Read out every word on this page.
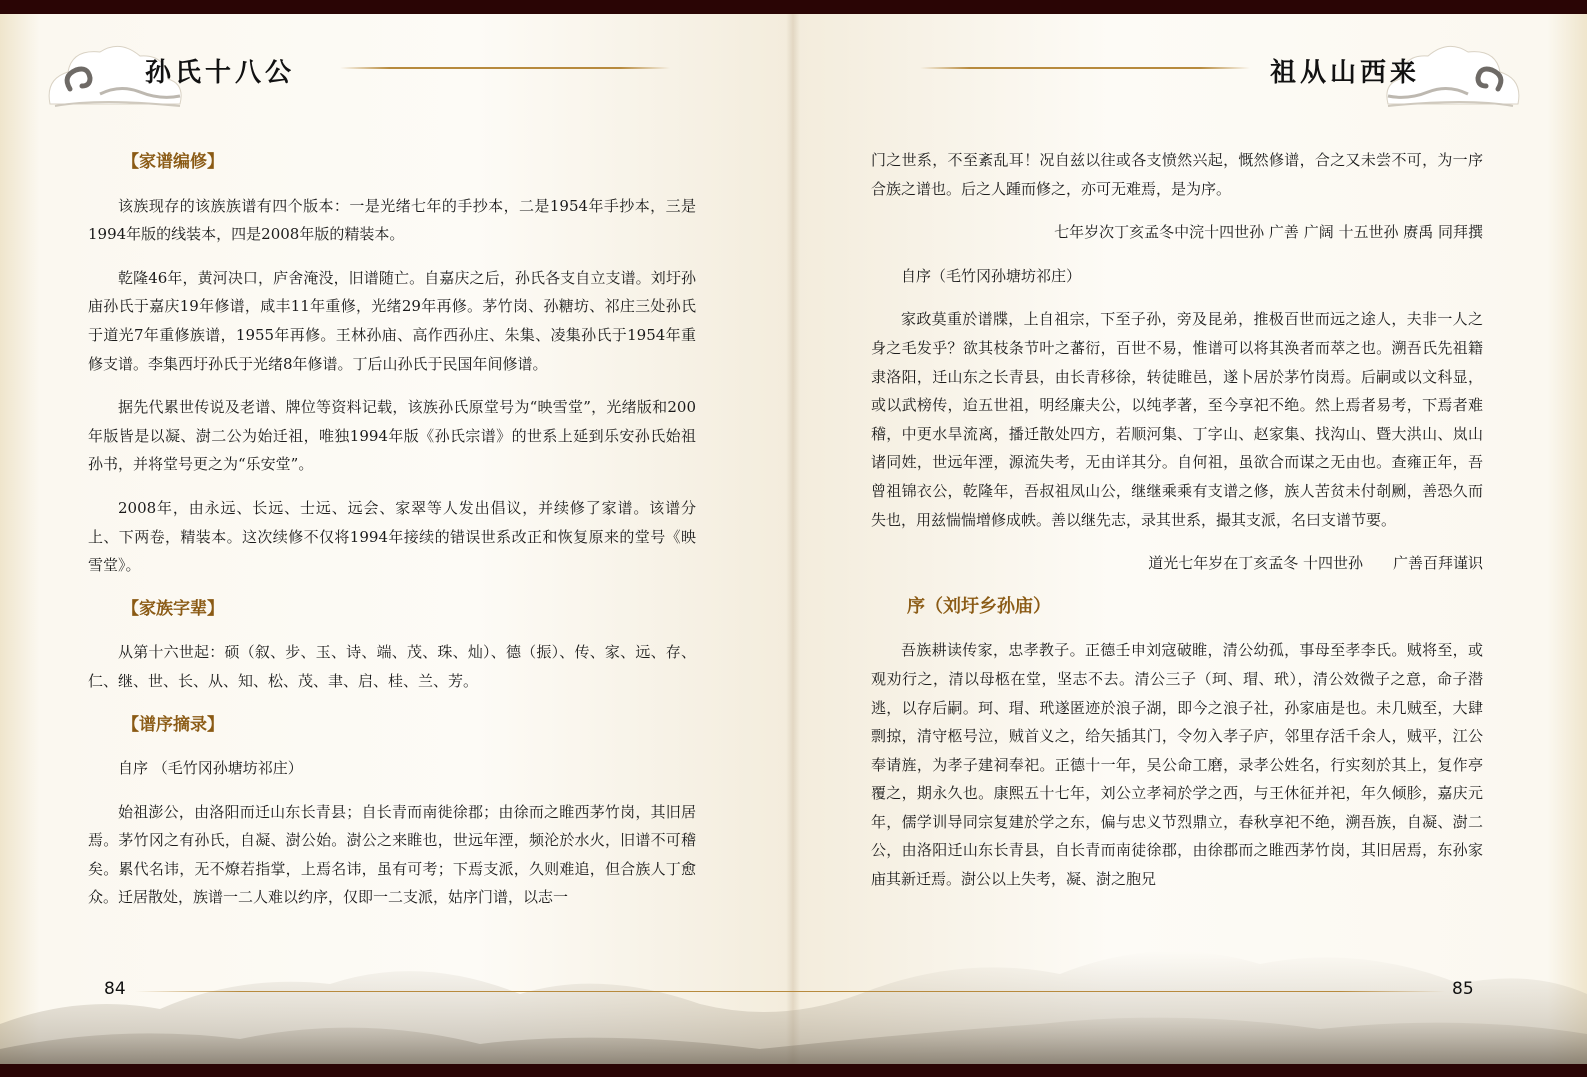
孙氏十八公	祖从山西来

【家谱编修】

该族现存的该族族谱有四个版本：一是光绪七年的手抄本，二是1954年手抄本，三是1994年版的线装本，四是2008年版的精装本。

乾隆46年，黄河决口，庐舍淹没，旧谱随亡。自嘉庆之后，孙氏各支自立支谱。刘圩孙庙孙氏于嘉庆19年修谱，咸丰11年重修，光绪29年再修。茅竹岗、孙糖坊、祁庄三处孙氏于道光7年重修族谱，1955年再修。王林孙庙、高作西孙庄、朱集、凌集孙氏于1954年重修支谱。李集西圩孙氏于光绪8年修谱。丁后山孙氏于民国年间修谱。

据先代累世传说及老谱、牌位等资料记载，该族孙氏原堂号为“映雪堂”，光绪版和200年版皆是以凝、澍二公为始迁祖，唯独1994年版《孙氏宗谱》的世系上延到乐安孙氏始祖孙书，并将堂号更之为“乐安堂”。

2008年，由永远、长远、士远、远会、家翠等人发出倡议，并续修了家谱。该谱分上、下两卷，精装本。这次续修不仅将1994年接续的错误世系改正和恢复原来的堂号《映雪堂》。

【家族字辈】

从第十六世起：硕（叙、步、玉、诗、端、茂、珠、灿）、德（振）、传、家、远、存、仁、继、世、长、从、知、松、茂、聿、启、桂、兰、芳。

【谱序摘录】

自序 （毛竹冈孙塘坊祁庄）

始祖澎公，由洛阳而迁山东长青县；自长青而南徙徐郡；由徐而之睢西茅竹岗，其旧居焉。茅竹冈之有孙氏，自凝、澍公始。澍公之来睢也，世远年湮，频沦於水火，旧谱不可稽矣。累代名讳，无不燎若指掌，上焉名讳，虽有可考；下焉支派，久则难追，但合族人丁愈众。迁居散处，族谱一二人难以约序，仅即一二支派，姑序门谱，以志一

门之世系，不至紊乱耳！况自兹以往或各支愤然兴起，慨然修谱，合之又未尝不可，为一序合族之谱也。后之人踵而修之，亦可无难焉，是为序。

七年岁次丁亥孟冬中浣十四世孙 广善 广阔 十五世孙 赓禹 同拜撰

自序（毛竹冈孙塘坊祁庄）

家政莫重於谱牒，上自祖宗，下至子孙，旁及昆弟，推极百世而远之途人，夫非一人之身之毛发乎？欲其枝条节叶之蕃衍，百世不易，惟谱可以将其涣者而萃之也。溯吾氏先祖籍隶洛阳，迁山东之长青县，由长青移徐，转徒睢邑，遂卜居於茅竹岗焉。后嗣或以文科显，或以武榜传，迨五世祖，明经廉夫公，以纯孝著，至今享祀不绝。然上焉者易考，下焉者难稽，中更水旱流离，播迁散处四方，若顺河集、丁字山、赵家集、找沟山、暨大洪山、岚山诸同姓，世远年湮，源流失考，无由详其分。自何祖，虽欲合而谋之无由也。查雍正年，吾曾祖锦衣公，乾隆年，吾叔祖凤山公，继继乘乘有支谱之修，族人苦贫未付剞劂，善恐久而失也，用兹惴惴增修成帙。善以继先志，录其世系，撮其支派，名曰支谱节要。

道光七年岁在丁亥孟冬 十四世孙　　广善百拜谨识

序（刘圩乡孙庙）

吾族耕读传家，忠孝教子。正德壬申刘寇破睢，清公幼孤，事母至孝李氏。贼将至，或观劝行之，清以母柩在堂，坚志不去。清公三子（珂、瑁、玳），清公效微子之意，命子潜逃，以存后嗣。珂、瑁、玳遂匿迹於浪子湖，即今之浪子社，孙家庙是也。未几贼至，大肆剽掠，清守柩号泣，贼首义之，给矢插其门，令勿入孝子庐，邻里存活千余人，贼平，江公奉请旌，为孝子建祠奉祀。正德十一年，吴公命工磨，录孝公姓名，行实刻於其上，复作亭覆之，期永久也。康熙五十七年，刘公立孝祠於学之西，与王休征并祀，年久倾胗，嘉庆元年，儒学训导同宗复建於学之东，偏与忠义节烈鼎立，春秋享祀不绝，溯吾族，自凝、澍二公，由洛阳迁山东长青县，自长青而南徒徐郡，由徐郡而之睢西茅竹岗，其旧居焉，东孙家庙其新迁焉。澍公以上失考，凝、澍之胞兄

84	85
